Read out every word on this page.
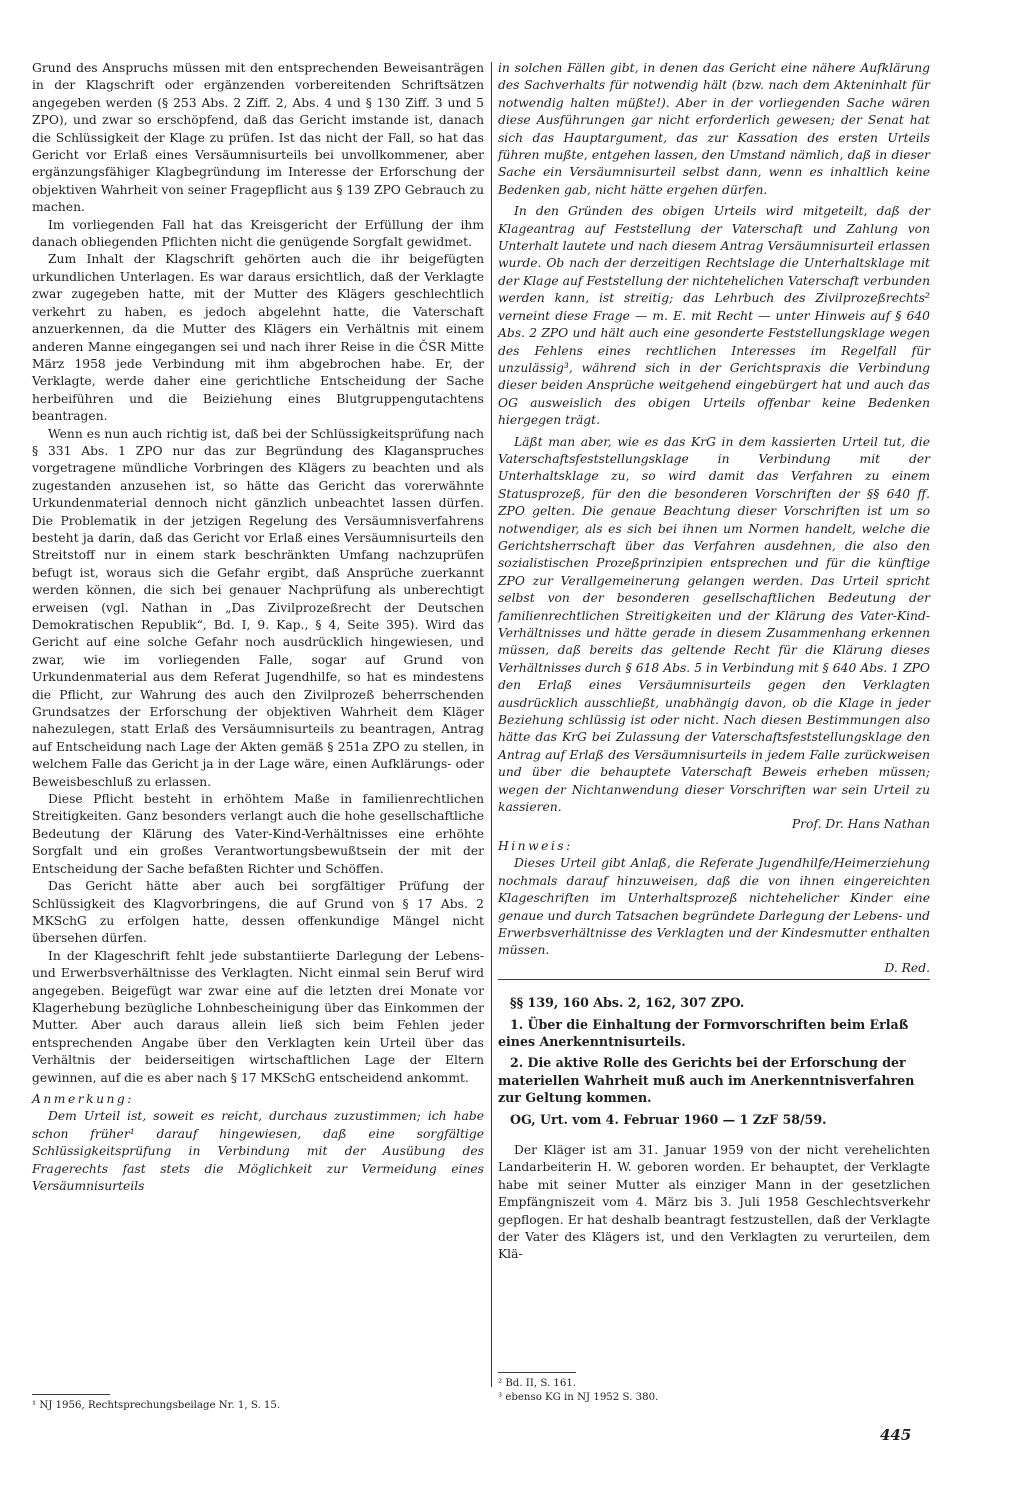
Grund des Anspruchs müssen mit den entsprechenden Beweisanträgen in der Klagschrift oder ergänzenden vorbereitenden Schriftsätzen angegeben werden (§ 253 Abs. 2 Ziff. 2, Abs. 4 und § 130 Ziff. 3 und 5 ZPO), und zwar so erschöpfend, daß das Gericht imstande ist, danach die Schlüssigkeit der Klage zu prüfen. Ist das nicht der Fall, so hat das Gericht vor Erlaß eines Versäumnisurteils bei unvollkommener, aber ergänzungsfähiger Klagbegründung im Interesse der Erforschung der objektiven Wahrheit von seiner Fragepflicht aus § 139 ZPO Gebrauch zu machen.

Im vorliegenden Fall hat das Kreisgericht der Erfüllung der ihm danach obliegenden Pflichten nicht die genügende Sorgfalt gewidmet.

Zum Inhalt der Klagschrift gehörten auch die ihr beigefügten urkundlichen Unterlagen. Es war daraus ersichtlich, daß der Verklagte zwar zugegeben hatte, mit der Mutter des Klägers geschlechtlich verkehrt zu haben, es jedoch abgelehnt hatte, die Vaterschaft anzuerkennen, da die Mutter des Klägers ein Verhältnis mit einem anderen Manne eingegangen sei und nach ihrer Reise in die ČSR Mitte März 1958 jede Verbindung mit ihm abgebrochen habe. Er, der Verklagte, werde daher eine gerichtliche Entscheidung der Sache herbeiführen und die Beiziehung eines Blutgruppengutachtens beantragen.

Wenn es nun auch richtig ist, daß bei der Schlüssigkeitsprüfung nach § 331 Abs. 1 ZPO nur das zur Begründung des Klaganspruches vorgetragene mündliche Vorbringen des Klägers zu beachten und als zugestanden anzusehen ist, so hätte das Gericht das vorerwähnte Urkundenmaterial dennoch nicht gänzlich unbeachtet lassen dürfen. Die Problematik in der jetzigen Regelung des Versäumnisverfahrens besteht ja darin, daß das Gericht vor Erlaß eines Versäumnisurteils den Streitstoff nur in einem stark beschränkten Umfang nachzuprüfen befugt ist, woraus sich die Gefahr ergibt, daß Ansprüche zuerkannt werden können, die sich bei genauer Nachprüfung als unberechtigt erweisen (vgl. Nathan in „Das Zivilprozeßrecht der Deutschen Demokratischen Republik“, Bd. I, 9. Kap., § 4, Seite 395). Wird das Gericht auf eine solche Gefahr noch ausdrücklich hingewiesen, und zwar, wie im vorliegenden Falle, sogar auf Grund von Urkundenmaterial aus dem Referat Jugendhilfe, so hat es mindestens die Pflicht, zur Wahrung des auch den Zivilprozeß beherrschenden Grundsatzes der Erforschung der objektiven Wahrheit dem Kläger nahezulegen, statt Erlaß des Versäumnisurteils zu beantragen, Antrag auf Entscheidung nach Lage der Akten gemäß § 251a ZPO zu stellen, in welchem Falle das Gericht ja in der Lage wäre, einen Aufklärungs- oder Beweisbeschluß zu erlassen.

Diese Pflicht besteht in erhöhtem Maße in familienrechtlichen Streitigkeiten. Ganz besonders verlangt auch die hohe gesellschaftliche Bedeutung der Klärung des Vater-Kind-Verhältnisses eine erhöhte Sorgfalt und ein großes Verantwortungsbewußtsein der mit der Entscheidung der Sache befaßten Richter und Schöffen.

Das Gericht hätte aber auch bei sorgfältiger Prüfung der Schlüssigkeit des Klagvorbringens, die auf Grund von § 17 Abs. 2 MKSchG zu erfolgen hatte, dessen offenkundige Mängel nicht übersehen dürfen.

In der Klageschrift fehlt jede substantiierte Darlegung der Lebens- und Erwerbsverhältnisse des Verklagten. Nicht einmal sein Beruf wird angegeben. Beigefügt war zwar eine auf die letzten drei Monate vor Klagerhebung bezügliche Lohnbescheinigung über das Einkommen der Mutter. Aber auch daraus allein ließ sich beim Fehlen jeder entsprechenden Angabe über den Verklagten kein Urteil über das Verhältnis der beiderseitigen wirtschaftlichen Lage der Eltern gewinnen, auf die es aber nach § 17 MKSchG entscheidend ankommt.

Anmerkung:

Dem Urteil ist, soweit es reicht, durchaus zuzustimmen; ich habe schon früher¹ darauf hingewiesen, daß eine sorgfältige Schlüssigkeitsprüfung in Verbindung mit der Ausübung des Fragerechts fast stets die Möglichkeit zur Vermeidung eines Versäumnisurteils

in solchen Fällen gibt, in denen das Gericht eine nähere Aufklärung des Sachverhalts für notwendig hält (bzw. nach dem Akteninhalt für notwendig halten müßte!). Aber in der vorliegenden Sache wären diese Ausführungen gar nicht erforderlich gewesen; der Senat hat sich das Hauptargument, das zur Kassation des ersten Urteils führen mußte, entgehen lassen, den Umstand nämlich, daß in dieser Sache ein Versäumnisurteil selbst dann, wenn es inhaltlich keine Bedenken gab, nicht hätte ergehen dürfen.

In den Gründen des obigen Urteils wird mitgeteilt, daß der Klageantrag auf Feststellung der Vaterschaft und Zahlung von Unterhalt lautete und nach diesem Antrag Versäumnisurteil erlassen wurde. Ob nach der derzeitigen Rechtslage die Unterhaltsklage mit der Klage auf Feststellung der nichtehelichen Vaterschaft verbunden werden kann, ist streitig; das Lehrbuch des Zivilprozeßrechts² verneint diese Frage — m. E. mit Recht — unter Hinweis auf § 640 Abs. 2 ZPO und hält auch eine gesonderte Feststellungsklage wegen des Fehlens eines rechtlichen Interesses im Regelfall für unzulässig³, während sich in der Gerichtspraxis die Verbindung dieser beiden Ansprüche weitgehend eingebürgert hat und auch das OG ausweislich des obigen Urteils offenbar keine Bedenken hiergegen trägt.

Läßt man aber, wie es das KrG in dem kassierten Urteil tut, die Vaterschaftsfeststellungsklage in Verbindung mit der Unterhaltsklage zu, so wird damit das Verfahren zu einem Statusprozeß, für den die besonderen Vorschriften der §§ 640 ff. ZPO gelten. Die genaue Beachtung dieser Vorschriften ist um so notwendiger, als es sich bei ihnen um Normen handelt, welche die Gerichtsherrschaft über das Verfahren ausdehnen, die also den sozialistischen Prozeßprinzipien entsprechen und für die künftige ZPO zur Verallgemeinerung gelangen werden. Das Urteil spricht selbst von der besonderen gesellschaftlichen Bedeutung der familienrechtlichen Streitigkeiten und der Klärung des Vater-Kind-Verhältnisses und hätte gerade in diesem Zusammenhang erkennen müssen, daß bereits das geltende Recht für die Klärung dieses Verhältnisses durch § 618 Abs. 5 in Verbindung mit § 640 Abs. 1 ZPO den Erlaß eines Versäumnisurteils gegen den Verklagten ausdrücklich ausschließt, unabhängig davon, ob die Klage in jeder Beziehung schlüssig ist oder nicht. Nach diesen Bestimmungen also hätte das KrG bei Zulassung der Vaterschaftsfeststellungsklage den Antrag auf Erlaß des Versäumnisurteils in jedem Falle zurückweisen und über die behauptete Vaterschaft Beweis erheben müssen; wegen der Nichtanwendung dieser Vorschriften war sein Urteil zu kassieren.

Prof. Dr. Hans Nathan

Hinweis:

Dieses Urteil gibt Anlaß, die Referate Jugendhilfe/Heimerziehung nochmals darauf hinzuweisen, daß die von ihnen eingereichten Klageschriften im Unterhaltsprozeß nichtehelicher Kinder eine genaue und durch Tatsachen begründete Darlegung der Lebens- und Erwerbsverhältnisse des Verklagten und der Kindesmutter enthalten müssen.

D. Red.

§§ 139, 160 Abs. 2, 162, 307 ZPO.

1. Über die Einhaltung der Formvorschriften beim Erlaß eines Anerkenntnisurteils.

2. Die aktive Rolle des Gerichts bei der Erforschung der materiellen Wahrheit muß auch im Anerkenntnisverfahren zur Geltung kommen.

OG, Urt. vom 4. Februar 1960 — 1 ZzF 58/59.

Der Kläger ist am 31. Januar 1959 von der nicht verehelichten Landarbeiterin H. W. geboren worden. Er behauptet, der Verklagte habe mit seiner Mutter als einziger Mann in der gesetzlichen Empfängniszeit vom 4. März bis 3. Juli 1958 Geschlechtsverkehr gepflogen. Er hat deshalb beantragt festzustellen, daß der Verklagte der Vater des Klägers ist, und den Verklagten zu verurteilen, dem Klä-

¹ NJ 1956, Rechtsprechungsbeilage Nr. 1, S. 15.

² Bd. II, S. 161.

³ ebenso KG in NJ 1952 S. 380.

445
